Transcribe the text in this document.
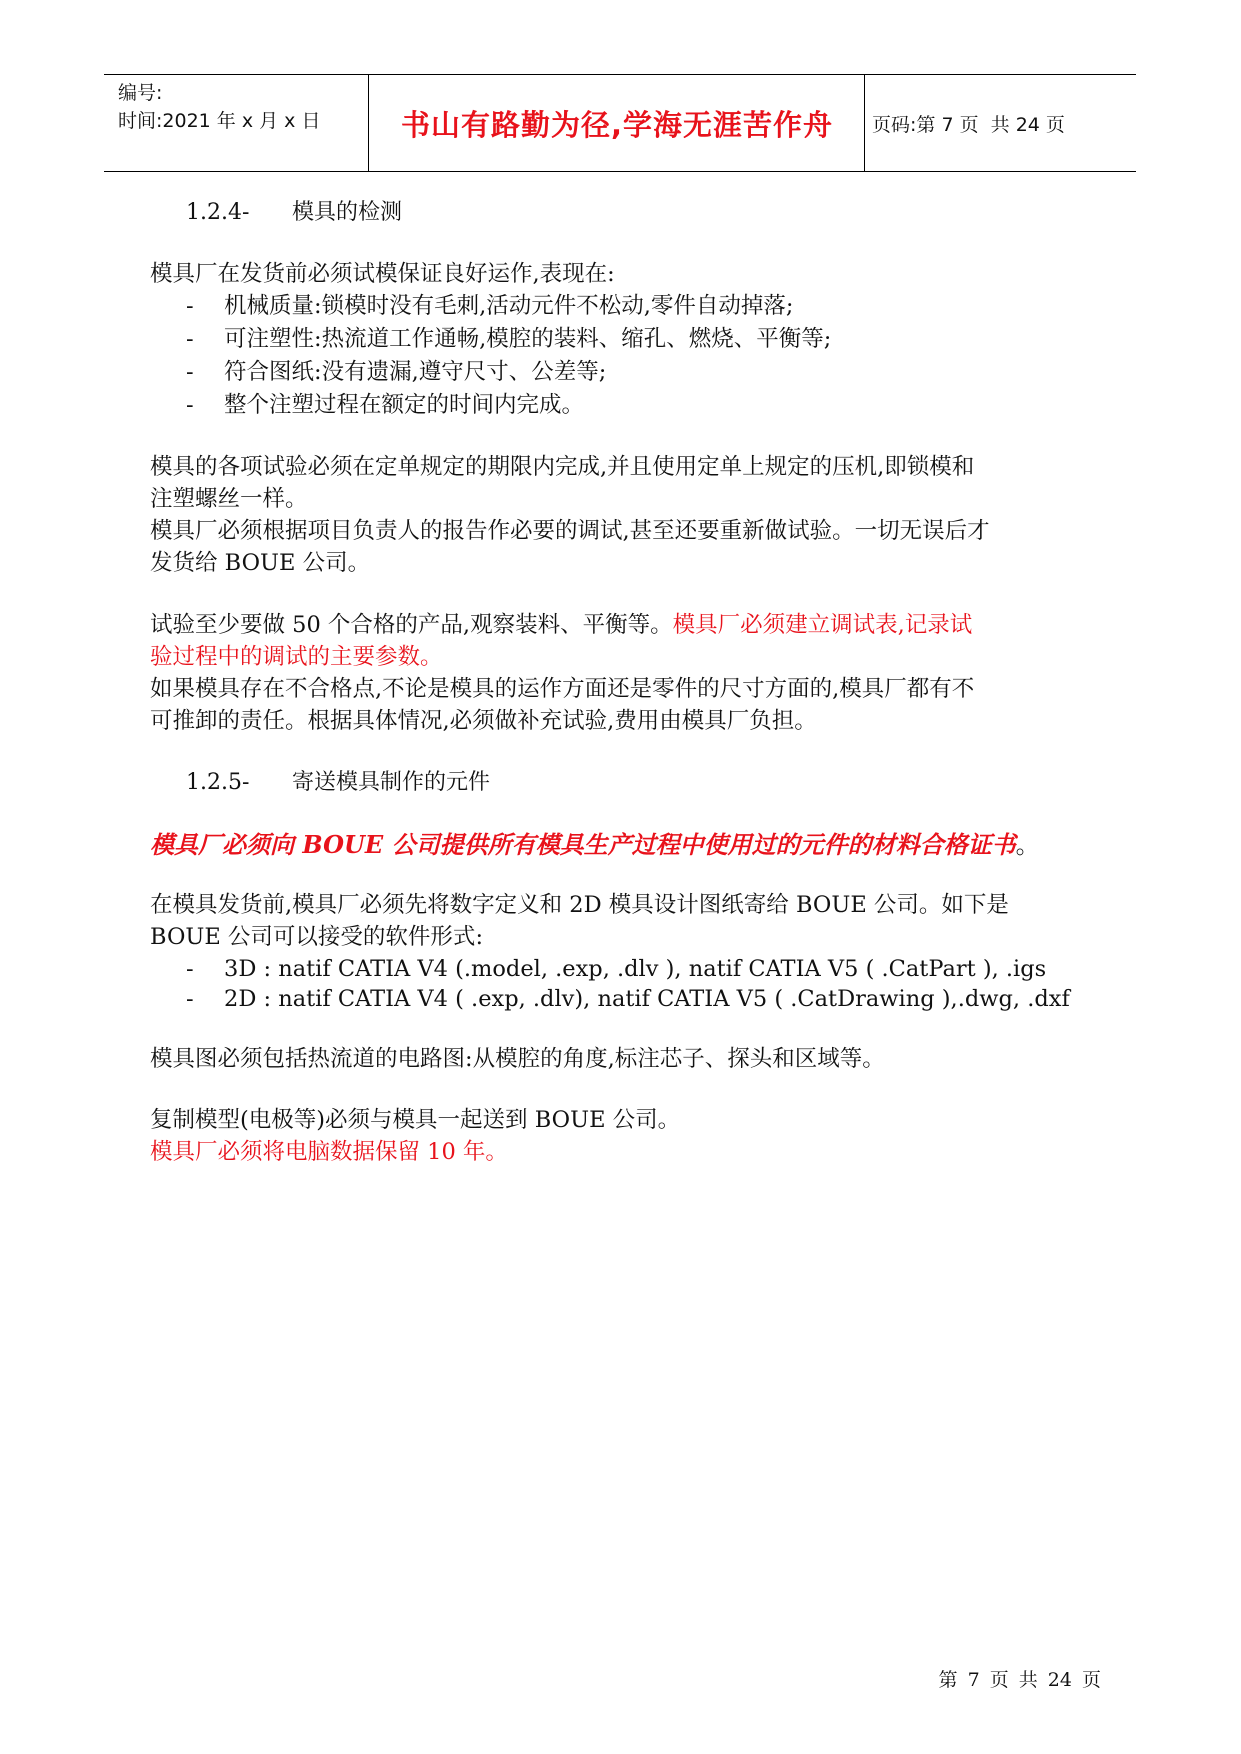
编号:
时间:2021 年 x 月 x 日	书山有路勤为径,学海无涯苦作舟	页码:第 7 页  共 24 页
1.2.4- 模具的检测
模具厂在发货前必须试模保证良好运作,表现在:
- 机械质量:锁模时没有毛刺,活动元件不松动,零件自动掉落;
- 可注塑性:热流道工作通畅,模腔的装料、缩孔、燃烧、平衡等;
- 符合图纸:没有遗漏,遵守尺寸、公差等;
- 整个注塑过程在额定的时间内完成。
模具的各项试验必须在定单规定的期限内完成,并且使用定单上规定的压机,即锁模和
注塑螺丝一样。
模具厂必须根据项目负责人的报告作必要的调试,甚至还要重新做试验。一切无误后才
发货给 BOUE 公司。
试验至少要做 50 个合格的产品,观察装料、平衡等。模具厂必须建立调试表,记录试
验过程中的调试的主要参数。
如果模具存在不合格点,不论是模具的运作方面还是零件的尺寸方面的,模具厂都有不
可推卸的责任。根据具体情况,必须做补充试验,费用由模具厂负担。
1.2.5- 寄送模具制作的元件
模具厂必须向 BOUE 公司提供所有模具生产过程中使用过的元件的材料合格证书。
在模具发货前,模具厂必须先将数字定义和 2D 模具设计图纸寄给 BOUE 公司。如下是
BOUE 公司可以接受的软件形式:
- 3D : natif CATIA V4 (.model, .exp, .dlv ), natif CATIA V5 ( .CatPart ), .igs
- 2D : natif CATIA V4 ( .exp, .dlv), natif CATIA V5 ( .CatDrawing ),.dwg, .dxf
模具图必须包括热流道的电路图:从模腔的角度,标注芯子、探头和区域等。
复制模型(电极等)必须与模具一起送到 BOUE 公司。
模具厂必须将电脑数据保留 10 年。
第 7 页 共 24 页
